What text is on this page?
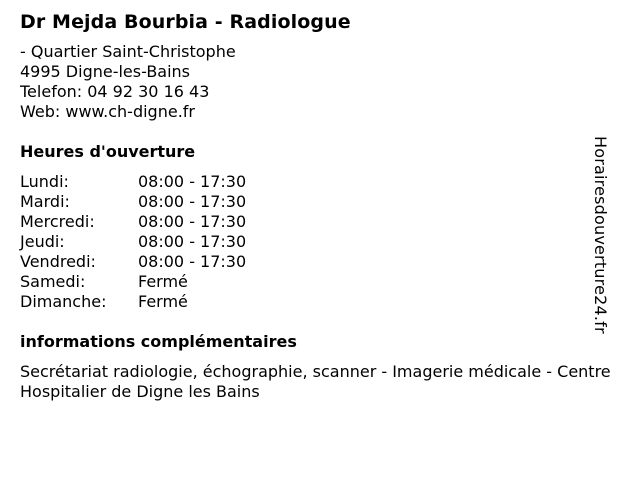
Dr Mejda Bourbia - Radiologue
- Quartier Saint-Christophe
4995 Digne-les-Bains
Telefon: 04 92 30 16 43
Web: www.ch-digne.fr
Heures d'ouverture
Lundi:	08:00 - 17:30
Mardi:	08:00 - 17:30
Mercredi:	08:00 - 17:30
Jeudi:	08:00 - 17:30
Vendredi:	08:00 - 17:30
Samedi:	Fermé
Dimanche:	Fermé
informations complémentaires
Secrétariat radiologie, échographie, scanner - Imagerie médicale - Centre Hospitalier de Digne les Bains
Horairesdouverture24.fr
